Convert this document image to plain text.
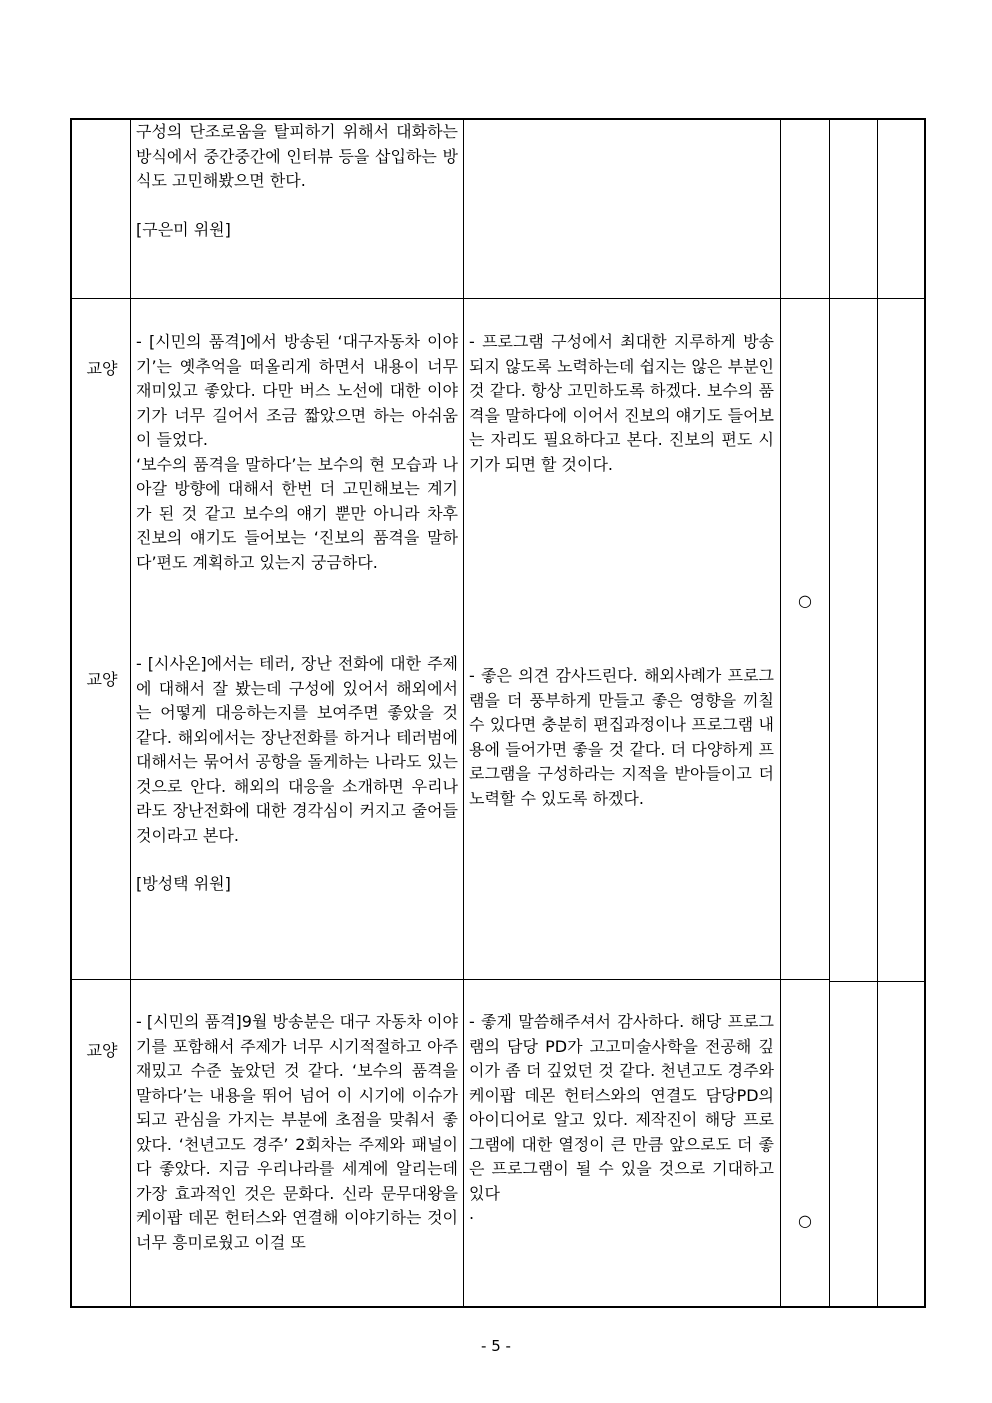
구성의 단조로움을 탈피하기 위해서 대화하는 방식에서 중간중간에 인터뷰 등을 삽입하는 방식도 고민해봤으면 한다.

[구은미 위원]

교양
교양

- [시민의 품격]에서 방송된 ‘대구자동차 이야기’는 옛추억을 떠올리게 하면서 내용이 너무 재미있고 좋았다. 다만 버스 노선에 대한 이야기가 너무 길어서 조금 짧았으면 하는 아쉬움이 들었다.

‘보수의 품격을 말하다’는 보수의 현 모습과 나아갈 방향에 대해서 한번 더 고민해보는 계기가 된 것 같고 보수의 얘기 뿐만 아니라 차후 진보의 얘기도 들어보는 ‘진보의 품격을 말하다’편도 계획하고 있는지 궁금하다.

- [시사온]에서는 테러, 장난 전화에 대한 주제에 대해서 잘 봤는데 구성에 있어서 해외에서는 어떻게 대응하는지를 보여주면 좋았을 것 같다. 해외에서는 장난전화를 하거나 테러범에 대해서는 묶어서 공항을 돌게하는 나라도 있는 것으로 안다. 해외의 대응을 소개하면 우리나라도 장난전화에 대한 경각심이 커지고 줄어들 것이라고 본다.

[방성택 위원]

- 프로그램 구성에서 최대한 지루하게 방송되지 않도록 노력하는데 쉽지는 않은 부분인 것 같다. 항상 고민하도록 하겠다. 보수의 품격을 말하다에 이어서 진보의 얘기도 들어보는 자리도 필요하다고 본다. 진보의 편도 시기가 되면 할 것이다.
- 좋은 의견 감사드린다. 해외사례가 프로그램을 더 풍부하게 만들고 좋은 영향을 끼칠 수 있다면 충분히 편집과정이나 프로그램 내용에 들어가면 좋을 것 같다. 더 다양하게 프로그램을 구성하라는 지적을 받아들이고 더 노력할 수 있도록 하겠다.
○
교양
- [시민의 품격]9월 방송분은 대구 자동차 이야기를 포함해서 주제가 너무 시기적절하고 아주 재밌고 수준 높았던 것 같다. ‘보수의 품격을 말하다’는 내용을 뛰어 넘어 이 시기에 이슈가 되고 관심을 가지는 부분에 초점을 맞춰서 좋았다. ‘천년고도 경주’ 2회차는 주제와 패널이 다 좋았다. 지금 우리나라를 세계에 알리는데 가장 효과적인 것은 문화다. 신라 문무대왕을 케이팝 데몬 헌터스와 연결해 이야기하는 것이 너무 흥미로웠고 이걸 또

- 좋게 말씀해주셔서 감사하다. 해당 프로그램의 담당 PD가 고고미술사학을 전공해 깊이가 좀 더 깊었던 것 같다. 천년고도 경주와 케이팝 데몬 헌터스와의 연결도 담당PD의 아이디어로 알고 있다. 제작진이 해당 프로그램에 대한 열정이 큰 만큼 앞으로도 더 좋은 프로그램이 될 수 있을 것으로 기대하고 있다

.	○
- 5 -
